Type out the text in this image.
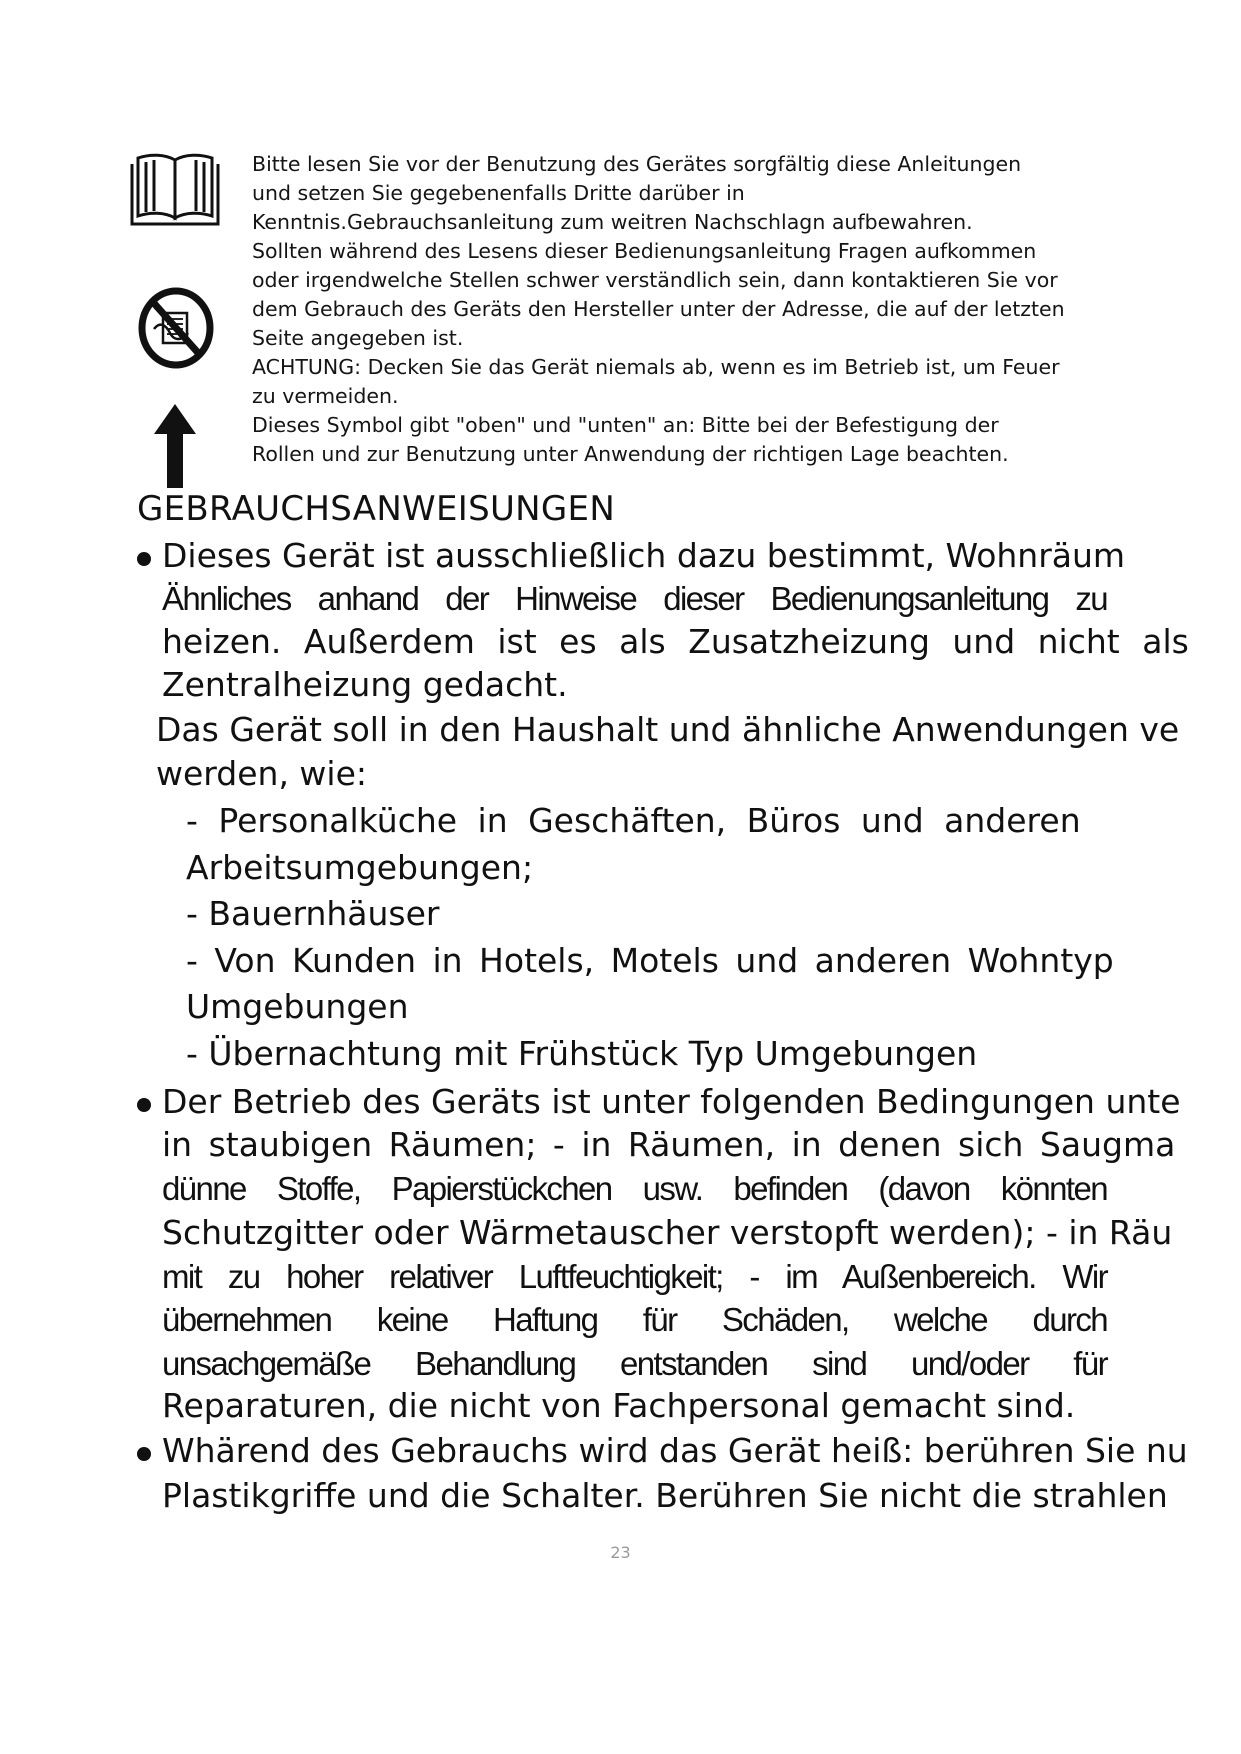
Bitte lesen Sie vor der Benutzung des Gerätes sorgfältig diese Anleitungen

und setzen Sie gegebenenfalls Dritte darüber in

Kenntnis.Gebrauchsanleitung zum weitren Nachschlagn aufbewahren.

Sollten während des Lesens dieser Bedienungsanleitung Fragen aufkommen

oder irgendwelche Stellen schwer verständlich sein, dann kontaktieren Sie vor

dem Gebrauch des Geräts den Hersteller unter der Adresse, die auf der letzten

Seite angegeben ist.

ACHTUNG: Decken Sie das Gerät niemals ab, wenn es im Betrieb ist, um Feuer

zu vermeiden.

Dieses Symbol gibt "oben" und "unten" an: Bitte bei der Befestigung der

Rollen und zur Benutzung unter Anwendung der richtigen Lage beachten.

GEBRAUCHSANWEISUNGEN

Dieses Gerät ist ausschließlich dazu bestimmt, Wohnräum

Ähnliches anhand der Hinweise dieser Bedienungsanleitung zu

heizen. Außerdem ist es als Zusatzheizung und nicht als

Zentralheizung gedacht.

Das Gerät soll in den Haushalt und ähnliche Anwendungen ve

werden, wie:

- Personalküche in Geschäften, Büros und anderen

Arbeitsumgebungen;

- Bauernhäuser

- Von Kunden in Hotels, Motels und anderen Wohntyp

Umgebungen

- Übernachtung mit Frühstück Typ Umgebungen

Der Betrieb des Geräts ist unter folgenden Bedingungen unte

in staubigen Räumen; - in Räumen, in denen sich Saugma

dünne Stoffe, Papierstückchen usw. befinden (davon könnten

Schutzgitter oder Wärmetauscher verstopft werden); - in Räu

mit zu hoher relativer Luftfeuchtigkeit; - im Außenbereich. Wir

übernehmen keine Haftung für Schäden, welche durch

unsachgemäße Behandlung entstanden sind und/oder für

Reparaturen, die nicht von Fachpersonal gemacht sind.

Whärend des Gebrauchs wird das Gerät heiß: berühren Sie nu

Plastikgriffe und die Schalter. Berühren Sie nicht die strahlen

23
